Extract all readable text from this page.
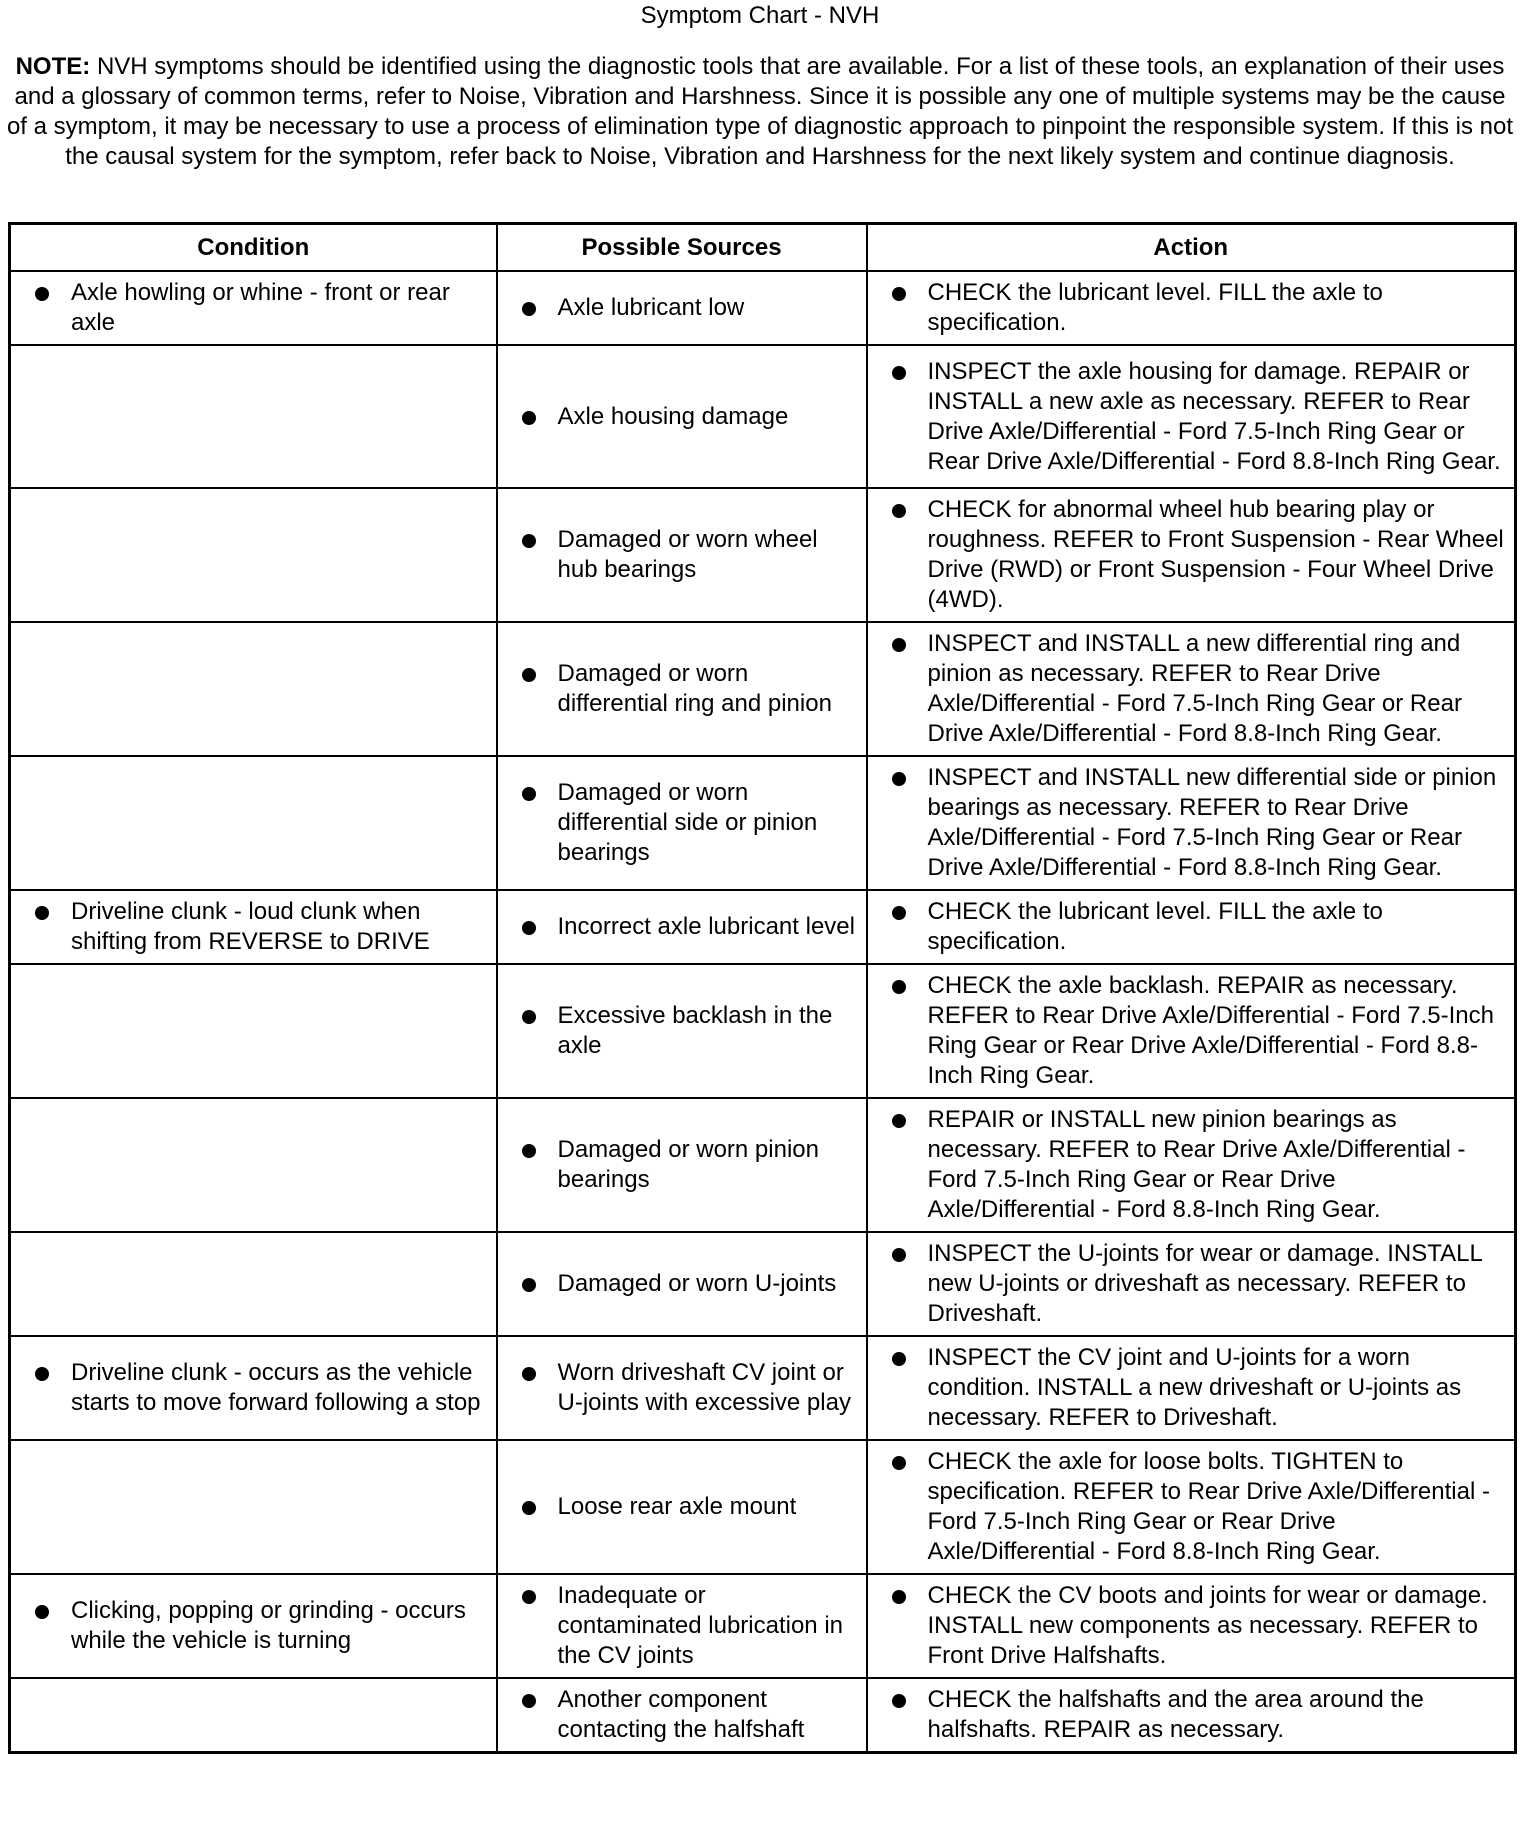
Symptom Chart - NVH
NOTE: NVH symptoms should be identified using the diagnostic tools that are available. For a list of these tools, an explanation of their uses and a glossary of common terms, refer to Noise, Vibration and Harshness. Since it is possible any one of multiple systems may be the cause of a symptom, it may be necessary to use a process of elimination type of diagnostic approach to pinpoint the responsible system. If this is not the causal system for the symptom, refer back to Noise, Vibration and Harshness for the next likely system and continue diagnosis.
Condition	Possible Sources	Action

Axle howling or whine - front or rear axle	Axle lubricant low	CHECK the lubricant level. FILL the axle to specification.

	Axle housing damage	INSPECT the axle housing for damage. REPAIR or INSTALL a new axle as necessary. REFER to Rear Drive Axle/Differential - Ford 7.5-Inch Ring Gear or Rear Drive Axle/Differential - Ford 8.8-Inch Ring Gear.

	Damaged or worn wheel hub bearings	CHECK for abnormal wheel hub bearing play or roughness. REFER to Front Suspension - Rear Wheel Drive (RWD) or Front Suspension - Four Wheel Drive (4WD).

	Damaged or worn differential ring and pinion	INSPECT and INSTALL a new differential ring and pinion as necessary. REFER to Rear Drive Axle/Differential - Ford 7.5-Inch Ring Gear or Rear Drive Axle/Differential - Ford 8.8-Inch Ring Gear.

	Damaged or worn differential side or pinion bearings	INSPECT and INSTALL new differential side or pinion bearings as necessary. REFER to Rear Drive Axle/Differential - Ford 7.5-Inch Ring Gear or Rear Drive Axle/Differential - Ford 8.8-Inch Ring Gear.

Driveline clunk - loud clunk when shifting from REVERSE to DRIVE	Incorrect axle lubricant level	CHECK the lubricant level. FILL the axle to specification.

	Excessive backlash in the axle	CHECK the axle backlash. REPAIR as necessary. REFER to Rear Drive Axle/Differential - Ford 7.5-Inch Ring Gear or Rear Drive Axle/Differential - Ford 8.8-Inch Ring Gear.

	Damaged or worn pinion bearings	REPAIR or INSTALL new pinion bearings as necessary. REFER to Rear Drive Axle/Differential - Ford 7.5-Inch Ring Gear or Rear Drive Axle/Differential - Ford 8.8-Inch Ring Gear.

	Damaged or worn U-joints	INSPECT the U-joints for wear or damage. INSTALL new U-joints or driveshaft as necessary. REFER to Driveshaft.

Driveline clunk - occurs as the vehicle starts to move forward following a stop	Worn driveshaft CV joint or U-joints with excessive play	INSPECT the CV joint and U-joints for a worn condition. INSTALL a new driveshaft or U-joints as necessary. REFER to Driveshaft.

	Loose rear axle mount	CHECK the axle for loose bolts. TIGHTEN to specification. REFER to Rear Drive Axle/Differential - Ford 7.5-Inch Ring Gear or Rear Drive Axle/Differential - Ford 8.8-Inch Ring Gear.

Clicking, popping or grinding - occurs while the vehicle is turning	Inadequate or contaminated lubrication in the CV joints	CHECK the CV boots and joints for wear or damage. INSTALL new components as necessary. REFER to Front Drive Halfshafts.

	Another component contacting the halfshaft	CHECK the halfshafts and the area around the halfshafts. REPAIR as necessary.
